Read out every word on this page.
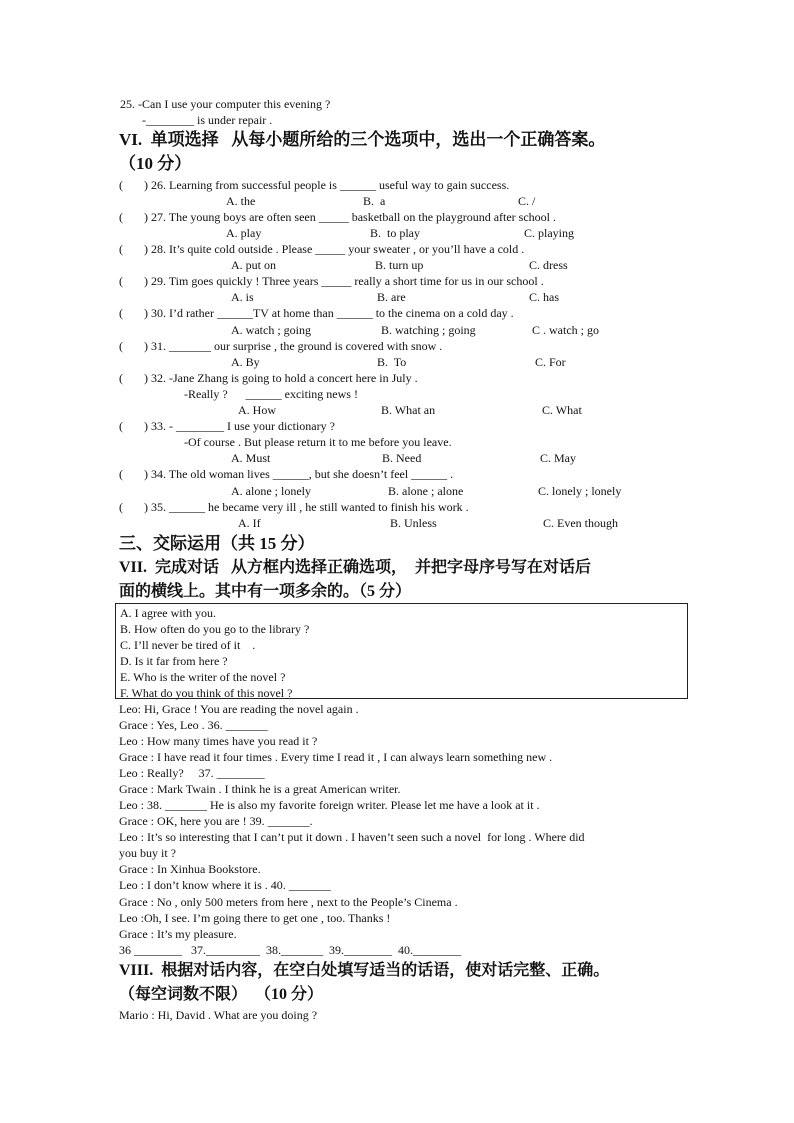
25. -Can I use your computer this evening ?
-________ is under repair .
VI.  单项选择   从每小题所给的三个选项中，选出一个正确答案。
（10 分）
(       ) 26. Learning from successful people is ______ useful way to gain success.
A. the	B.  a	C. /
(       ) 27. The young boys are often seen _____ basketball on the playground after school .
A. play	B.  to play	C. playing
(       ) 28. It’s quite cold outside . Please _____ your sweater , or you’ll have a cold .
A. put on	B. turn up	C. dress
(       ) 29. Tim goes quickly ! Three years _____ really a short time for us in our school .
A. is	B. are	C. has
(       ) 30. I’d rather ______TV at home than ______ to the cinema on a cold day .
A. watch ; going	B. watching ; going	C . watch ; go
(       ) 31. _______ our surprise , the ground is covered with snow .
A. By	B.  To	C. For
(       ) 32. -Jane Zhang is going to hold a concert here in July .
-Really ?      ______ exciting news !
A. How	B. What an	C. What
(       ) 33. - ________ I use your dictionary ?
-Of course . But please return it to me before you leave.
A. Must	B. Need	C. May
(       ) 34. The old woman lives ______, but she doesn’t feel ______ .
A. alone ; lonely	B. alone ; alone	C. lonely ; lonely
(       ) 35. ______ he became very ill , he still wanted to finish his work .
A. If	B. Unless	C. Even though
三、交际运用（共 15 分）
VII.  完成对话   从方框内选择正确选项，  并把字母序号写在对话后
面的横线上。其中有一项多余的。（5 分）
A. I agree with you.
B. How often do you go to the library ?
C. I’ll never be tired of it    .
D. Is it far from here ?
E. Who is the writer of the novel ?
F. What do you think of this novel ?
Leo: Hi, Grace ! You are reading the novel again .
Grace : Yes, Leo . 36. _______
Leo : How many times have you read it ?
Grace : I have read it four times . Every time I read it , I can always learn something new .
Leo : Really?     37. ________
Grace : Mark Twain . I think he is a great American writer.
Leo : 38. _______ He is also my favorite foreign writer. Please let me have a look at it .
Grace : OK, here you are ! 39. _______.
Leo : It’s so interesting that I can’t put it down . I haven’t seen such a novel  for long . Where did
you buy it ?
Grace : In Xinhua Bookstore.
Leo : I don’t know where it is . 40. _______
Grace : No , only 500 meters from here , next to the People’s Cinema .
Leo :Oh, I see. I’m going there to get one , too. Thanks !
Grace : It’s my pleasure.
36 ________   37._________  38._______  39.________  40.________
VIII.  根据对话内容，在空白处填写适当的话语，使对话完整、正确。
（每空词数不限）  （10 分）
Mario : Hi, David . What are you doing ?
